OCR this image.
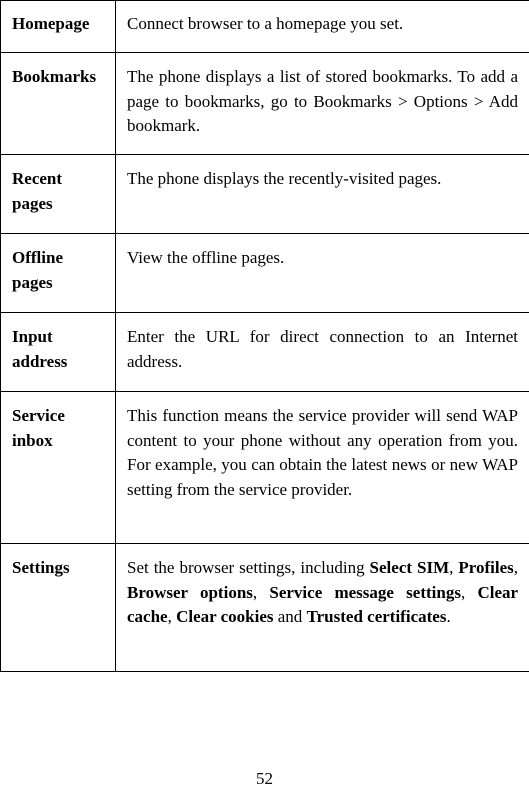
Homepage	Connect browser to a homepage you set.
Bookmarks	The phone displays a list of stored bookmarks. To add a page to bookmarks, go to Bookmarks > Options > Add bookmark.
Recent pages	The phone displays the recently-visited pages.
Offline pages	View the offline pages.
Input address	Enter the URL for direct connection to an Internet address.
Service inbox	This function means the service provider will send WAP content to your phone without any operation from you. For example, you can obtain the latest news or new WAP setting from the service provider.
Settings	Set the browser settings, including Select SIM, Profiles, Browser options, Service message settings, Clear cache, Clear cookies and Trusted certificates.
52
